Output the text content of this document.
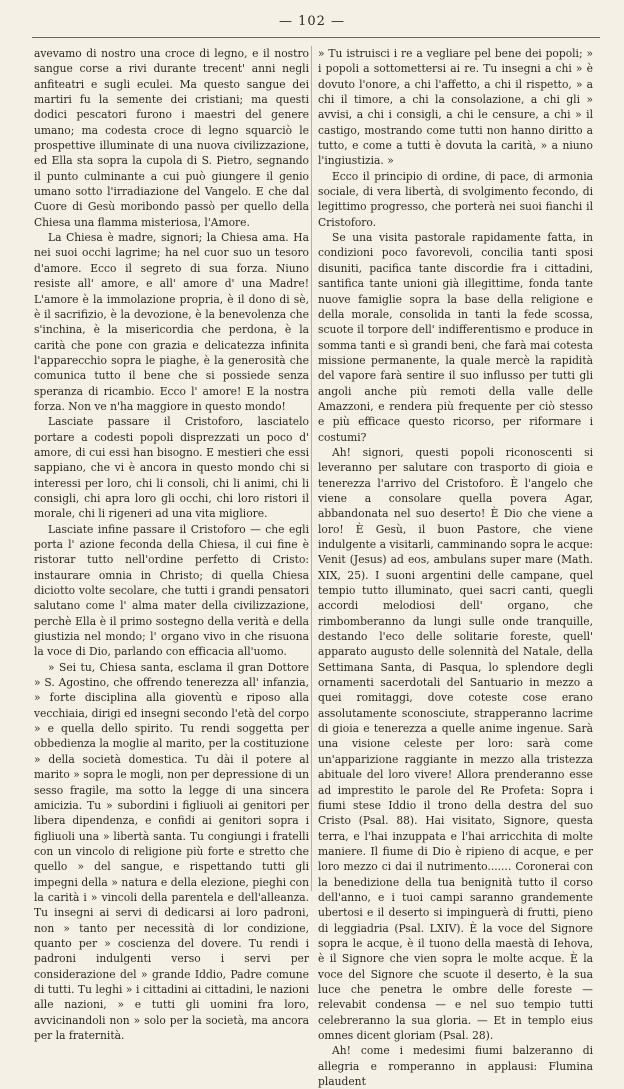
— 102 —

avevamo di nostro una croce di legno, e il nostro sangue corse a rivi durante trecent' anni negli anfiteatri e sugli eculei. Ma questo sangue dei martiri fu la semente dei cristiani; ma questi dodici pescatori furono i maestri del genere umano; ma codesta croce di legno squarciò le prospettive illuminate di una nuova civilizzazione, ed Ella sta sopra la cupola di S. Pietro, segnando il punto culminante a cui può giungere il genio umano sotto l'irradiazione del Vangelo. E che dal Cuore di Gesù moribondo passò per quello della Chiesa una flamma misteriosa, l'Amore.

La Chiesa è madre, signori; la Chiesa ama. Ha nei suoi occhi lagrime; ha nel cuor suo un tesoro d'amore. Ecco il segreto di sua forza. Niuno resiste all' amore, e all' amore d' una Madre! L'amore è la immolazione propria, è il dono di sè, è il sacrifizio, è la devozione, è la benevolenza che s'inchina, è la misericordia che perdona, è la carità che pone con grazia e delicatezza infinita l'apparecchio sopra le piaghe, è la generosità che comunica tutto il bene che si possiede senza speranza di ricambio. Ecco l' amore! E la nostra forza. Non ve n'ha maggiore in questo mondo!

Lasciate passare il Cristoforo, lasciatelo portare a codesti popoli disprezzati un poco d' amore, di cui essi han bisogno. E mestieri che essi sappiano, che vi è ancora in questo mondo chi si interessi per loro, chi li consoli, chi li animi, chi li consigli, chi apra loro gli occhi, chi loro ristori il morale, chi li rigeneri ad una vita migliore.

Lasciate infine passare il Cristoforo — che egli porta l' azione feconda della Chiesa, il cui fine è ristorar tutto nell'ordine perfetto di Cristo: instaurare omnia in Christo; di quella Chiesa diciotto volte secolare, che tutti i grandi pensatori salutano come l' alma mater della civilizzazione, perchè Ella è il primo sostegno della verità e della giustizia nel mondo; l' organo vivo in che risuona la voce di Dio, parlando con efficacia all'uomo.

» Sei tu, Chiesa santa, esclama il gran Dottore » S. Agostino, che offrendo tenerezza all' infanzia, » forte disciplina alla gioventù e riposo alla vecchiaia, dirigi ed insegni secondo l'età del corpo » e quella dello spirito. Tu rendi soggetta per obbedienza la moglie al marito, per la costituzione » della società domestica. Tu dài il potere al marito » sopra le mogli, non per depressione di un sesso fragile, ma sotto la legge di una sincera amicizia. Tu » subordini i figliuoli ai genitori per libera dipendenza, e confidi ai genitori sopra i figliuoli una » libertà santa. Tu congiungi i fratelli con un vincolo di religione più forte e stretto che quello » del sangue, e rispettando tutti gli impegni della » natura e della elezione, pieghi con la carità i » vincoli della parentela e dell'alleanza. Tu insegni ai servi di dedicarsi ai loro padroni, non » tanto per necessità di lor condizione, quanto per » coscienza del dovere. Tu rendi i padroni indulgenti verso i servi per considerazione del » grande Iddio, Padre comune di tutti. Tu leghi » i cittadini ai cittadini, le nazioni alle nazioni, » e tutti gli uomini fra loro, avvicinandoli non » solo per la società, ma ancora per la fraternità.

» Tu istruisci i re a vegliare pel bene dei popoli; » i popoli a sottomettersi ai re. Tu insegni a chi » è dovuto l'onore, a chi l'affetto, a chi il rispetto, » a chi il timore, a chi la consolazione, a chi gli » avvisi, a chi i consigli, a chi le censure, a chi » il castigo, mostrando come tutti non hanno diritto a tutto, e come a tutti è dovuta la carità, » a niuno l'ingiustizia. »

Ecco il principio di ordine, di pace, di armonia sociale, di vera libertà, di svolgimento fecondo, di legittimo progresso, che porterà nei suoi fianchi il Cristoforo.

Se una visita pastorale rapidamente fatta, in condizioni poco favorevoli, concilia tanti sposi disuniti, pacifica tante discordie fra i cittadini, santifica tante unioni già illegittime, fonda tante nuove famiglie sopra la base della religione e della morale, consolida in tanti la fede scossa, scuote il torpore dell' indifferentismo e produce in somma tanti e sì grandi beni, che farà mai cotesta missione permanente, la quale mercè la rapidità del vapore farà sentire il suo influsso per tutti gli angoli anche più remoti della valle delle Amazzoni, e rendera più frequente per ciò stesso e più efficace questo ricorso, per riformare i costumi?

Ah! signori, questi popoli riconoscenti si leveranno per salutare con trasporto di gioia e tenerezza l'arrivo del Cristoforo. È l'angelo che viene a consolare quella povera Agar, abbandonata nel suo deserto! È Dio che viene a loro! È Gesù, il buon Pastore, che viene indulgente a visitarli, camminando sopra le acque: Venit (Jesus) ad eos, ambulans super mare (Math. XIX, 25). I suoni argentini delle campane, quel tempio tutto illuminato, quei sacri canti, quegli accordi melodiosi dell' organo, che rimbomberanno da lungi sulle onde tranquille, destando l'eco delle solitarie foreste, quell' apparato augusto delle solennità del Natale, della Settimana Santa, di Pasqua, lo splendore degli ornamenti sacerdotali del Santuario in mezzo a quei romitaggi, dove coteste cose erano assolutamente sconosciute, strapperanno lacrime di gioia e tenerezza a quelle anime ingenue. Sarà una visione celeste per loro: sarà come un'apparizione raggiante in mezzo alla tristezza abituale del loro vivere! Allora prenderanno esse ad imprestito le parole del Re Profeta: Sopra i fiumi stese Iddio il trono della destra del suo Cristo (Psal. 88). Hai visitato, Signore, questa terra, e l'hai inzuppata e l'hai arricchita di molte maniere. Il fiume di Dio è ripieno di acque, e per loro mezzo ci dai il nutrimento....... Coronerai con la benedizione della tua benignità tutto il corso dell'anno, e i tuoi campi saranno grandemente ubertosi e il deserto si impinguerà di frutti, pieno di leggiadria (Psal. LXIV). È la voce del Signore sopra le acque, è il tuono della maestà di Iehova, è il Signore che vien sopra le molte acque. È la voce del Signore che scuote il deserto, è la sua luce che penetra le ombre delle foreste — relevabit condensa — e nel suo tempio tutti celebreranno la sua gloria. — Et in templo eius omnes dicent gloriam (Psal. 28).

Ah! come i medesimi fiumi balzeranno di allegria e romperanno in applausi: Flumina plaudent
